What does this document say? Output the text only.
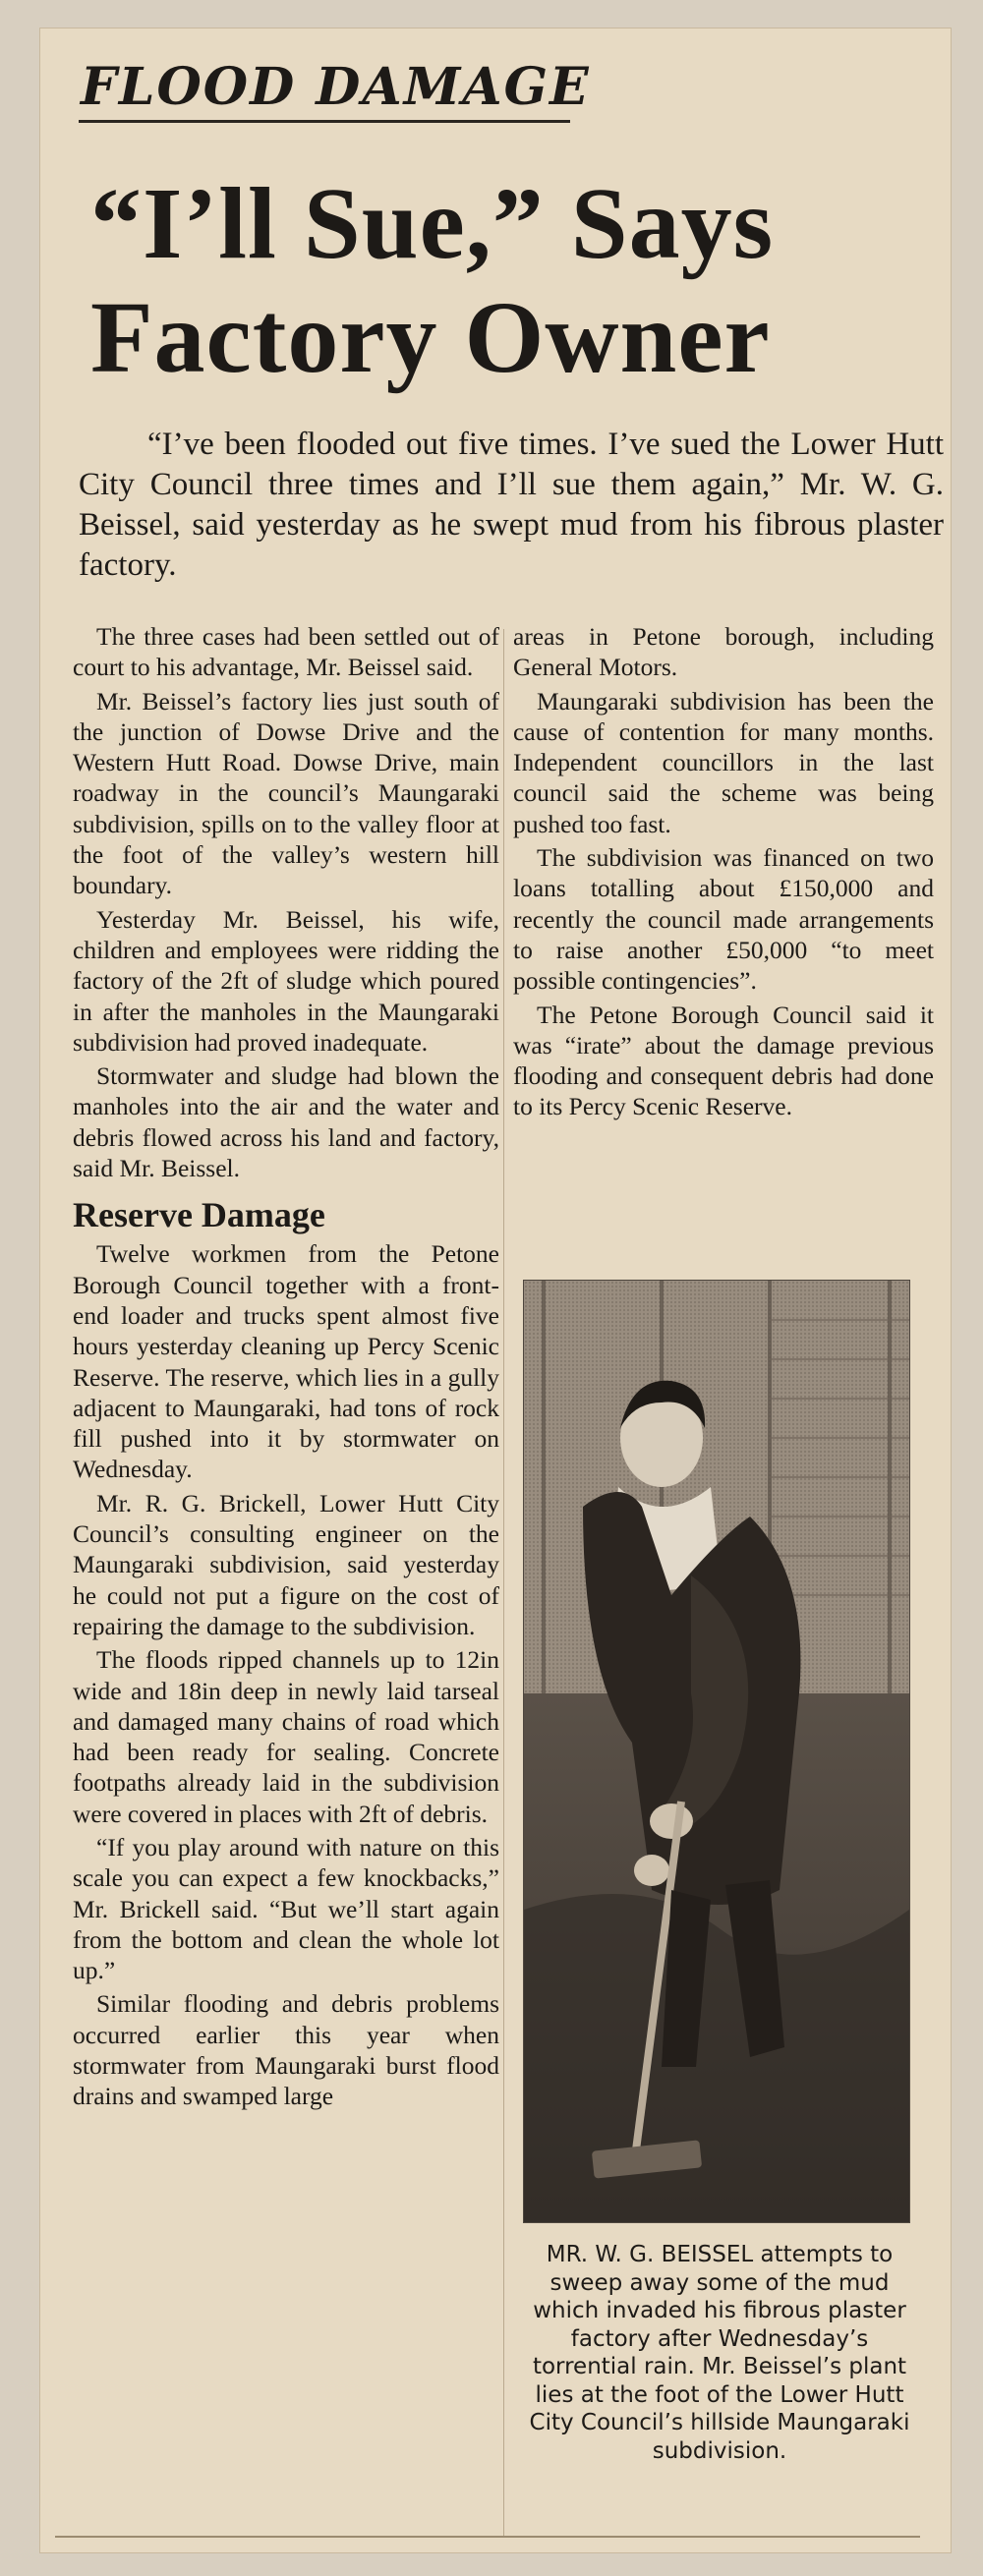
FLOOD DAMAGE
“I’ll Sue,” Says Factory Owner

“I’ve been flooded out five times. I’ve sued the Lower Hutt City Council three times and I’ll sue them again,” Mr. W. G. Beissel, said yesterday as he swept mud from his fibrous plaster factory.

The three cases had been settled out of court to his advantage, Mr. Beissel said.

Mr. Beissel’s factory lies just south of the junction of Dowse Drive and the Western Hutt Road. Dowse Drive, main roadway in the council’s Maungaraki subdivision, spills on to the valley floor at the foot of the valley’s western hill boundary.

Yesterday Mr. Beissel, his wife, children and employees were ridding the factory of the 2ft of sludge which poured in after the manholes in the Maungaraki subdivision had proved inadequate.

Stormwater and sludge had blown the manholes into the air and the water and debris flowed across his land and factory, said Mr. Beissel.

Reserve Damage

Twelve workmen from the Petone Borough Council together with a front-end loader and trucks spent almost five hours yesterday cleaning up Percy Scenic Reserve. The reserve, which lies in a gully adjacent to Maungaraki, had tons of rock fill pushed into it by stormwater on Wednesday.

Mr. R. G. Brickell, Lower Hutt City Council’s consulting engineer on the Maungaraki subdivision, said yesterday he could not put a figure on the cost of repairing the damage to the subdivision.

The floods ripped channels up to 12in wide and 18in deep in newly laid tarseal and damaged many chains of road which had been ready for sealing. Concrete footpaths already laid in the subdivision were covered in places with 2ft of debris.

“If you play around with nature on this scale you can expect a few knockbacks,” Mr. Brickell said. “But we’ll start again from the bottom and clean the whole lot up.”

Similar flooding and debris problems occurred earlier this year when stormwater from Maungaraki burst flood drains and swamped large

areas in Petone borough, including General Motors.

Maungaraki subdivision has been the cause of contention for many months. Independent councillors in the last council said the scheme was being pushed too fast.

The subdivision was financed on two loans totalling about £150,000 and recently the council made arrangements to raise another £50,000 “to meet possible contingencies”.

The Petone Borough Council said it was “irate” about the damage previous flooding and consequent debris had done to its Percy Scenic Reserve.

MR. W. G. BEISSEL attempts to sweep away some of the mud which invaded his fibrous plaster factory after Wednesday’s torrential rain. Mr. Beissel’s plant lies at the foot of the Lower Hutt City Council’s hillside Maungaraki subdivision.
